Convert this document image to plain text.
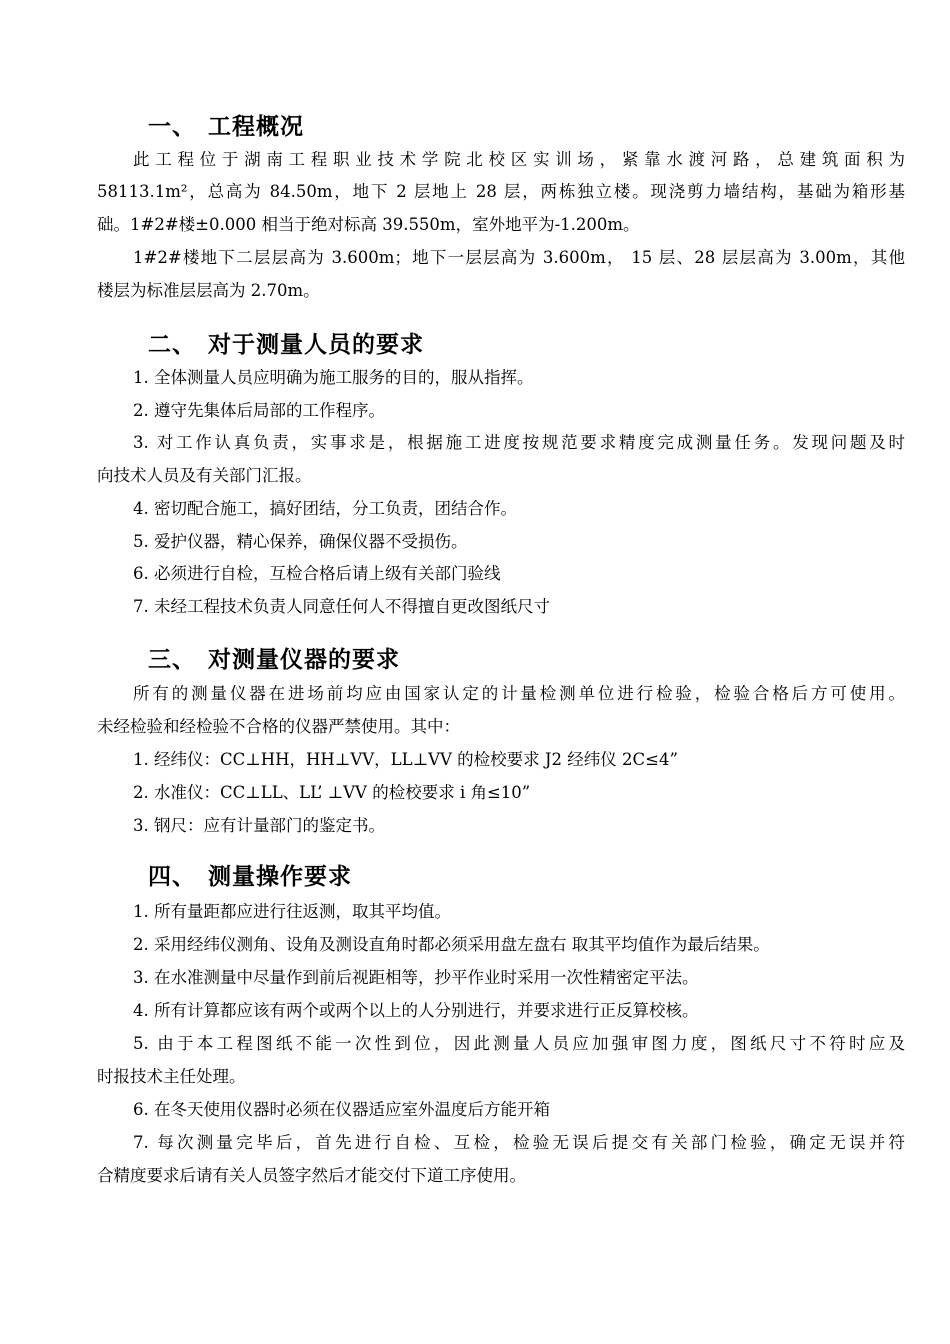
一、 工程概况
此工程位于湖南工程职业技术学院北校区实训场，紧靠水渡河路，总建筑面积为
58113.1m²，总高为 84.50m，地下 2 层地上 28 层，两栋独立楼。现浇剪力墙结构，基础为箱形基
础。1#2#楼±0.000 相当于绝对标高 39.550m，室外地平为-1.200m。
1#2#楼地下二层层高为 3.600m；地下一层层高为 3.600m， 15 层、28 层层高为 3.00m，其他
楼层为标准层层高为 2.70m。
二、 对于测量人员的要求
1. 全体测量人员应明确为施工服务的目的，服从指挥。
2. 遵守先集体后局部的工作程序。
3. 对工作认真负责，实事求是，根据施工进度按规范要求精度完成测量任务。发现问题及时
向技术人员及有关部门汇报。
4. 密切配合施工，搞好团结，分工负责，团结合作。
5. 爱护仪器，精心保养，确保仪器不受损伤。
6. 必须进行自检，互检合格后请上级有关部门验线
7. 未经工程技术负责人同意任何人不得擅自更改图纸尺寸
三、 对测量仪器的要求
所有的测量仪器在进场前均应由国家认定的计量检测单位进行检验，检验合格后方可使用。
未经检验和经检验不合格的仪器严禁使用。其中：
1. 经纬仪：CC⊥HH，HH⊥VV，LL⊥VV 的检校要求 J2 经纬仪 2C≤4”
2. 水准仪：CC⊥LL、LL’ ⊥VV 的检校要求 i 角≤10”
3. 钢尺：应有计量部门的鉴定书。
四、 测量操作要求
1. 所有量距都应进行往返测，取其平均值。
2. 采用经纬仪测角、设角及测设直角时都必须采用盘左盘右 取其平均值作为最后结果。
3. 在水准测量中尽量作到前后视距相等，抄平作业时采用一次性精密定平法。
4. 所有计算都应该有两个或两个以上的人分别进行，并要求进行正反算校核。
5. 由于本工程图纸不能一次性到位，因此测量人员应加强审图力度，图纸尺寸不符时应及
时报技术主任处理。
6. 在冬天使用仪器时必须在仪器适应室外温度后方能开箱
7. 每次测量完毕后，首先进行自检、互检，检验无误后提交有关部门检验，确定无误并符
合精度要求后请有关人员签字然后才能交付下道工序使用。
